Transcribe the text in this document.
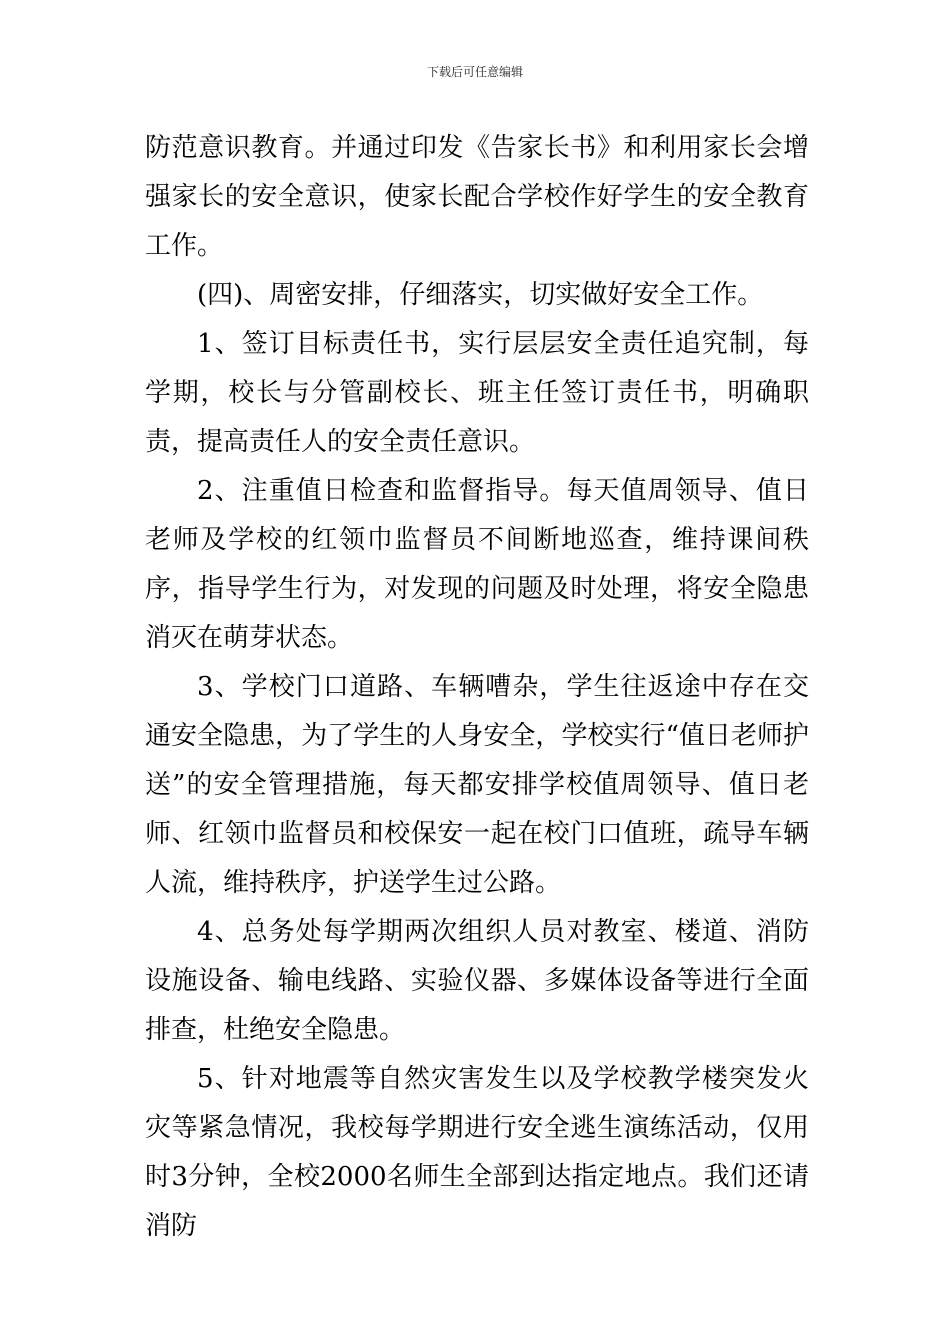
下载后可任意编辑

防范意识教育。并通过印发《告家长书》和利用家长会增强家长的安全意识，使家长配合学校作好学生的安全教育工作。

(四)、周密安排，仔细落实，切实做好安全工作。

1、签订目标责任书，实行层层安全责任追究制，每学期，校长与分管副校长、班主任签订责任书，明确职责，提高责任人的安全责任意识。

2、注重值日检查和监督指导。每天值周领导、值日老师及学校的红领巾监督员不间断地巡查，维持课间秩序，指导学生行为，对发现的问题及时处理，将安全隐患消灭在萌芽状态。

3、学校门口道路、车辆嘈杂，学生往返途中存在交通安全隐患，为了学生的人身安全，学校实行“值日老师护送”的安全管理措施，每天都安排学校值周领导、值日老师、红领巾监督员和校保安一起在校门口值班，疏导车辆人流，维持秩序，护送学生过公路。

4、总务处每学期两次组织人员对教室、楼道、消防设施设备、输电线路、实验仪器、多媒体设备等进行全面排查，杜绝安全隐患。

5、针对地震等自然灾害发生以及学校教学楼突发火灾等紧急情况，我校每学期进行安全逃生演练活动，仅用时3分钟，全校2000名师生全部到达指定地点。我们还请消防
